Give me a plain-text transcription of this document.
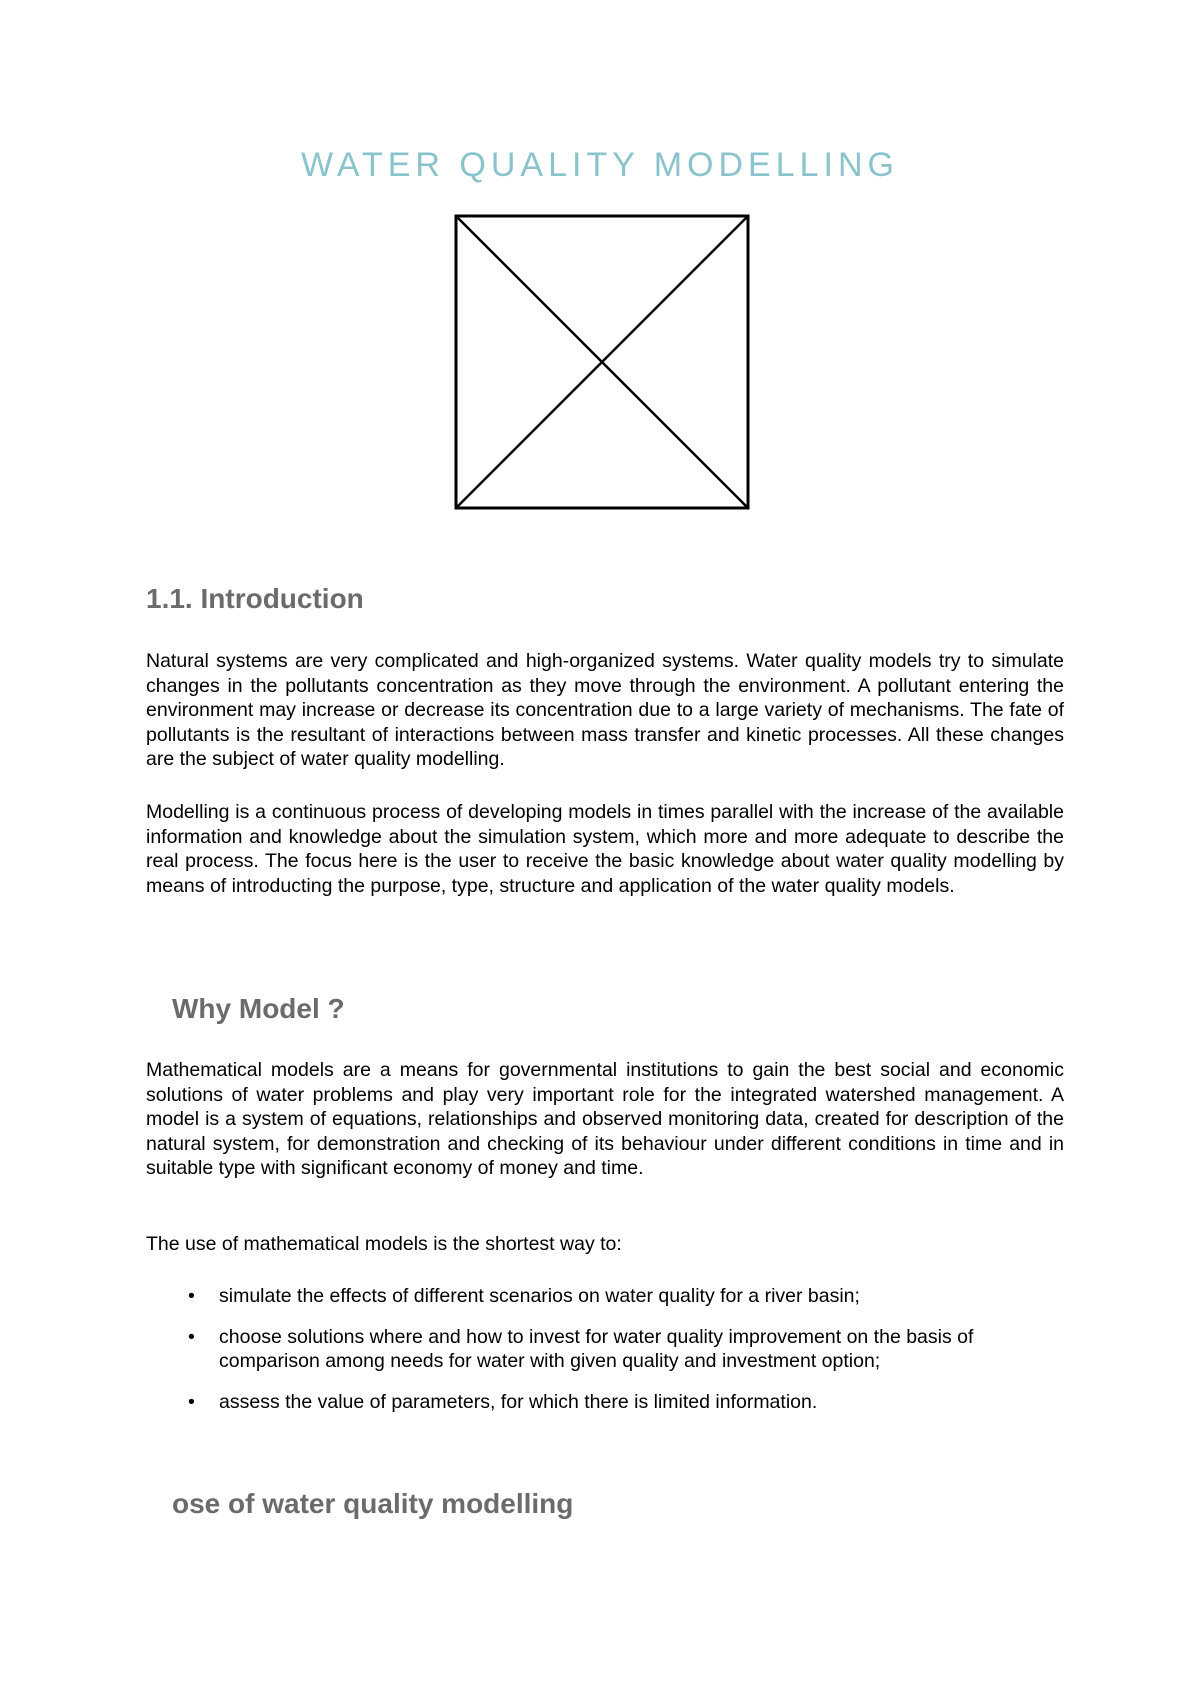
WATER QUALITY MODELLING
1.1. Introduction

Natural systems are very complicated and high-organized systems. Water quality models try to simulate changes in the pollutants concentration as they move through the environment. A pollutant entering the environment may increase or decrease its concentration due to a large variety of mechanisms. The fate of pollutants is the resultant of interactions between mass transfer and kinetic processes. All these changes are the subject of water quality modelling.

Modelling is a continuous process of developing models in times parallel with the increase of the available information and knowledge about the simulation system, which more and more adequate to describe the real process. The focus here is the user to receive the basic knowledge about water quality modelling by means of introducting the purpose, type, structure and application of the water quality models.

Why Model ?

Mathematical models are a means for governmental institutions to gain the best social and economic solutions of water problems and play very important role for the integrated watershed management. A model is a system of equations, relationships and observed monitoring data, created for description of the natural system, for demonstration and checking of its behaviour under different conditions in time and in suitable type with significant economy of money and time.

The use of mathematical models is the shortest way to:

• simulate the effects of different scenarios on water quality for a river basin;
• choose solutions where and how to invest for water quality improvement on the basis of comparison among needs for water with given quality and investment option;
• assess the value of parameters, for which there is limited information.
ose of water quality modelling
